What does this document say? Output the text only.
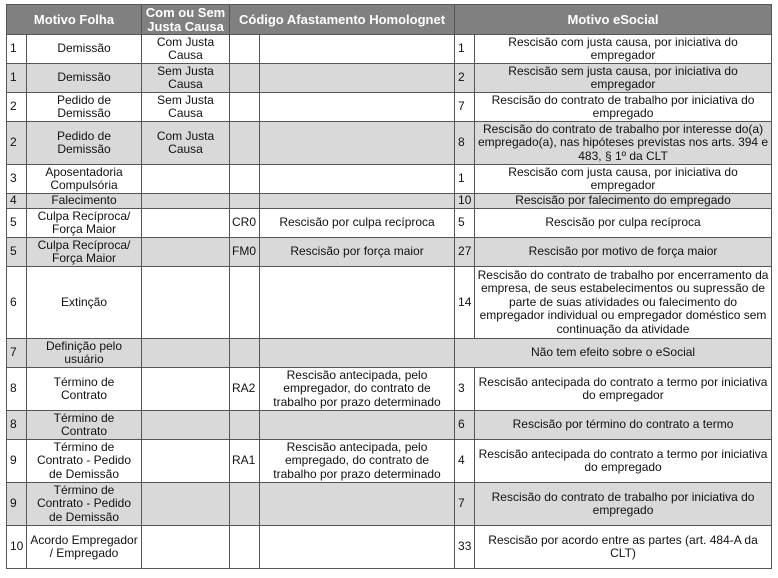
Motivo Folha		Com ou Sem Justa Causa	Código Afastamento Homolognet		Motivo eSocial	
1	Demissão	Com Justa Causa			1	Rescisão com justa causa, por iniciativa do empregador
1	Demissão	Sem Justa Causa			2	Rescisão sem justa causa, por iniciativa do empregador
2	Pedido de Demissão	Sem Justa Causa			7	Rescisão do contrato de trabalho por iniciativa do empregado
2	Pedido de Demissão	Com Justa Causa			8	Rescisão do contrato de trabalho por interesse do(a) empregado(a), nas hipóteses previstas nos arts. 394 e 483, § 1º da CLT
3	Aposentadoria Compulsória				1	Rescisão com justa causa, por iniciativa do empregador
4	Falecimento				10	Rescisão por falecimento do empregado
5	Culpa Recíproca/ Força Maior		CR0	Rescisão por culpa recíproca	5	Rescisão por culpa recíproca
5	Culpa Recíproca/ Força Maior		FM0	Rescisão por força maior	27	Rescisão por motivo de força maior
6	Extinção				14	Rescisão do contrato de trabalho por encerramento da empresa, de seus estabelecimentos ou supressão de parte de suas atividades ou falecimento do empregador individual ou empregador doméstico sem continuação da atividade
7	Definição pelo usuário				Não tem efeito sobre o eSocial	
8	Término de Contrato		RA2	Rescisão antecipada, pelo empregador, do contrato de trabalho por prazo determinado	3	Rescisão antecipada do contrato a termo por iniciativa do empregador
8	Término de Contrato				6	Rescisão por término do contrato a termo
9	Término de Contrato - Pedido de Demissão		RA1	Rescisão antecipada, pelo empregado, do contrato de trabalho por prazo determinado	4	Rescisão antecipada do contrato a termo por iniciativa do empregado
9	Término de Contrato - Pedido de Demissão				7	Rescisão do contrato de trabalho por iniciativa do empregado
10	Acordo Empregador / Empregado				33	Rescisão por acordo entre as partes (art. 484-A da CLT)
